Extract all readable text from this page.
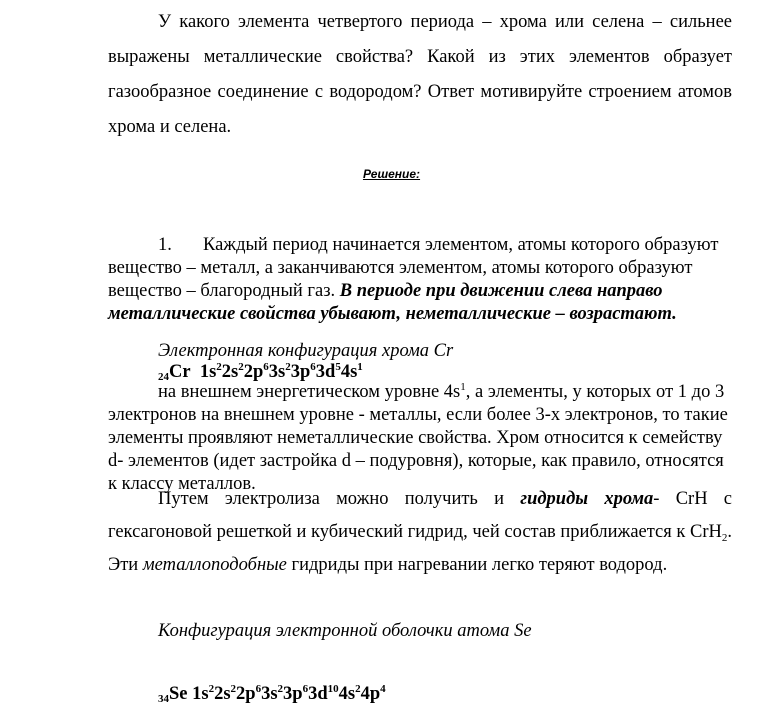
У какого элемента четвертого периода – хрома или селена – сильнее выражены металлические свойства? Какой из этих элементов образует газообразное соединение с водородом? Ответ мотивируйте строением атомов хрома и селена.

Решение:

1. Каждый период начинается элементом, атомы которого образуют вещество – металл, а заканчиваются элементом, атомы которого образуют вещество – благородный газ. В периоде при движении слева направо металлические свойства убывают, неметаллические – возрастают.

Электронная конфигурация хрома Cr

$_{24}$Cr $1s^22s^22p^63s^23p^63d^54s^1$

на внешнем энергетическом уровне $4s^1$, а элементы, у которых от 1 до 3 электронов на внешнем уровне - металлы, если более 3-х электронов, то такие элементы проявляют неметаллические свойства. Хром относится к семейству d- элементов (идет застройка d – подуровня), которые, как правило, относятся к классу металлов.

Путем электролиза можно получить и гидриды хрома- CrH с гексагоновой решеткой и кубический гидрид, чей состав приближается к CrH$_2$. Эти металлоподобные гидриды при нагревании легко теряют водород.

Конфигурация электронной оболочки атома Se

$_{34}$Se $1s^22s^22p^63s^23p^63d^{10}4s^24p^4$
